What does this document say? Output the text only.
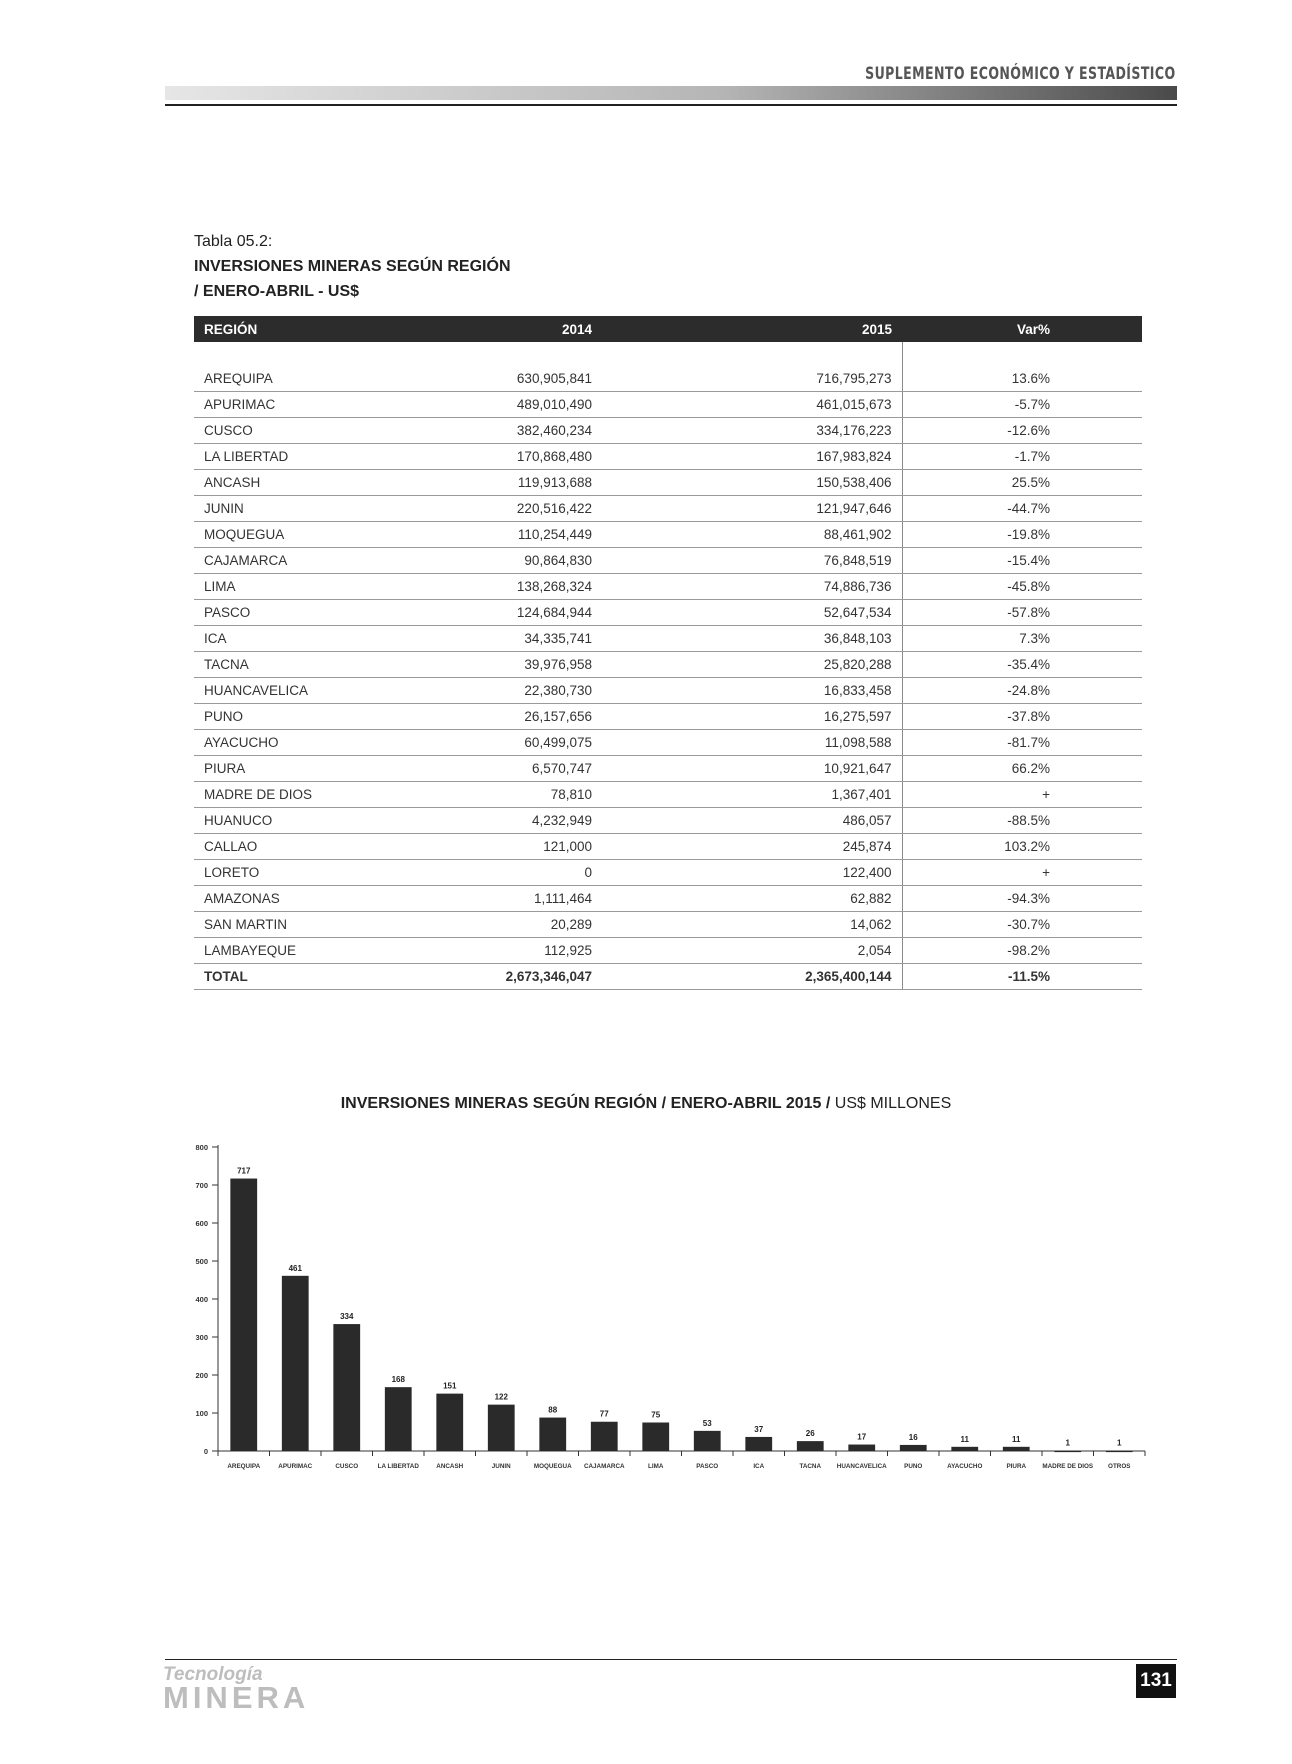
SUPLEMENTO ECONÓMICO Y ESTADÍSTICO
Tabla 05.2:
INVERSIONES MINERAS SEGÚN REGIÓN
/ ENERO-ABRIL - US$
REGIÓN	2014	2015	Var%

AREQUIPA	630,905,841	716,795,273	13.6%
APURIMAC	489,010,490	461,015,673	-5.7%
CUSCO	382,460,234	334,176,223	-12.6%
LA LIBERTAD	170,868,480	167,983,824	-1.7%
ANCASH	119,913,688	150,538,406	25.5%
JUNIN	220,516,422	121,947,646	-44.7%
MOQUEGUA	110,254,449	88,461,902	-19.8%
CAJAMARCA	90,864,830	76,848,519	-15.4%
LIMA	138,268,324	74,886,736	-45.8%
PASCO	124,684,944	52,647,534	-57.8%
ICA	34,335,741	36,848,103	7.3%
TACNA	39,976,958	25,820,288	-35.4%
HUANCAVELICA	22,380,730	16,833,458	-24.8%
PUNO	26,157,656	16,275,597	-37.8%
AYACUCHO	60,499,075	11,098,588	-81.7%
PIURA	6,570,747	10,921,647	66.2%
MADRE DE DIOS	78,810	1,367,401	+
HUANUCO	4,232,949	486,057	-88.5%
CALLAO	121,000	245,874	103.2%
LORETO	0	122,400	+
AMAZONAS	1,111,464	62,882	-94.3%
SAN MARTIN	20,289	14,062	-30.7%
LAMBAYEQUE	112,925	2,054	-98.2%
TOTAL	2,673,346,047	2,365,400,144	-11.5%
INVERSIONES MINERAS SEGÚN REGIÓN / ENERO-ABRIL 2015 / US$ MILLONES
0
100
200
300
400
500
600
700
800
717
AREQUIPA
461
APURIMAC
334
CUSCO
168
LA LIBERTAD
151
ANCASH
122
JUNIN
88
MOQUEGUA
77
CAJAMARCA
75
LIMA
53
PASCO
37
ICA
26
TACNA
17
HUANCAVELICA
16
PUNO
11
AYACUCHO
11
PIURA
1
MADRE DE DIOS
1
OTROS
Tecnología
MINERA	131
